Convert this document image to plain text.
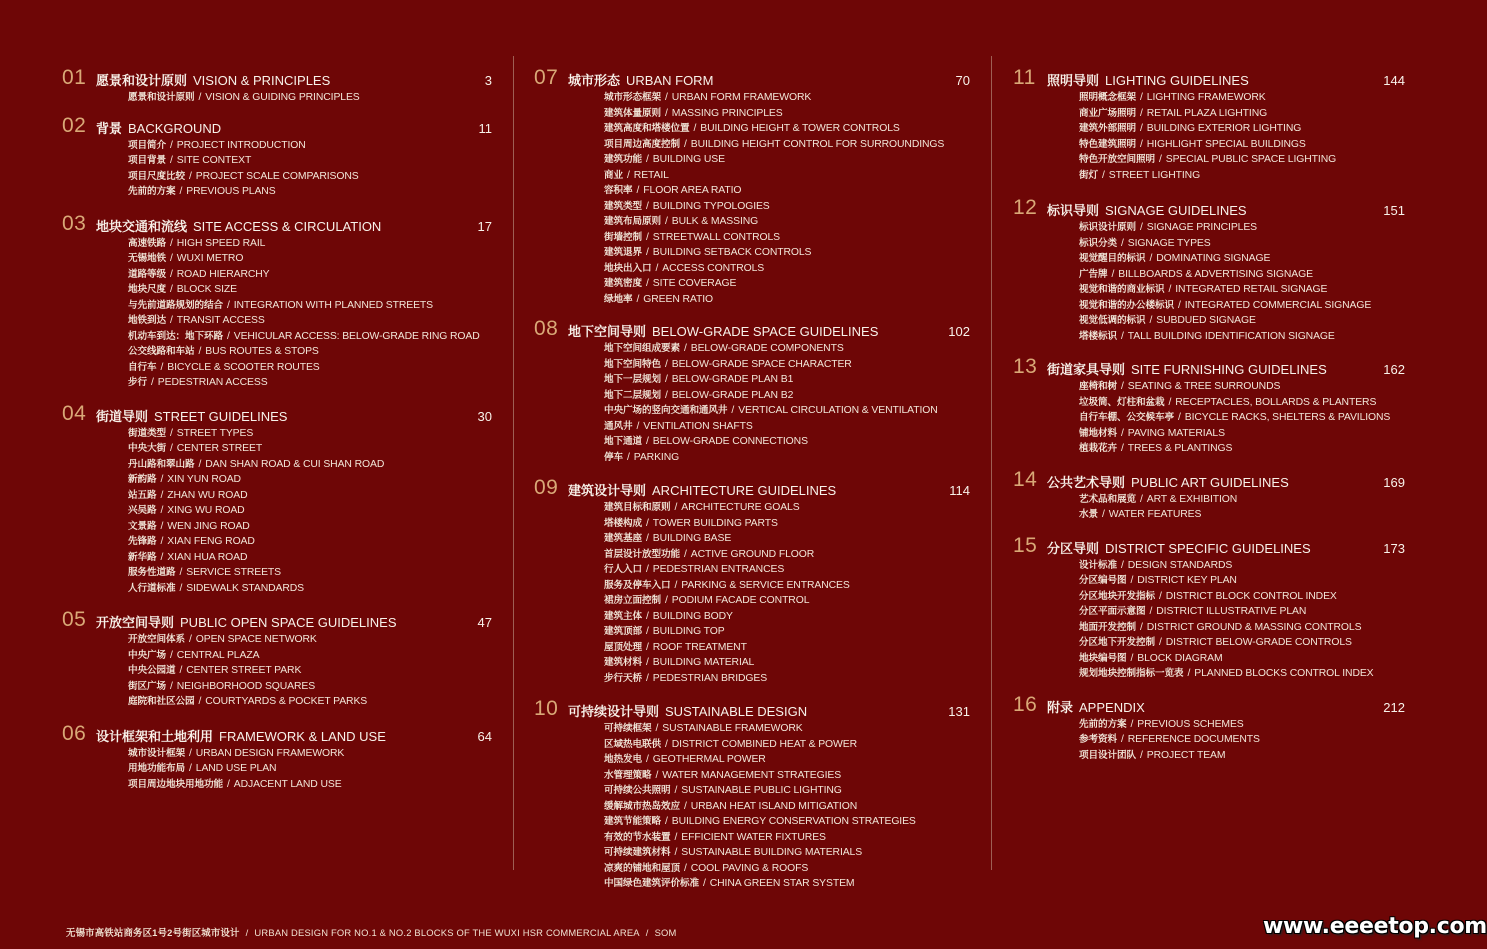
01 愿景和设计原则 VISION & PRINCIPLES	3
愿景和设计原则 / VISION & GUIDING PRINCIPLES
02 背景 BACKGROUND	11
项目简介 / PROJECT INTRODUCTION
项目背景 / SITE CONTEXT
项目尺度比较 / PROJECT SCALE COMPARISONS
先前的方案 / PREVIOUS PLANS
03 地块交通和流线 SITE ACCESS & CIRCULATION	17
高速铁路 / HIGH SPEED RAIL
无锡地铁 / WUXI METRO
道路等级 / ROAD HIERARCHY
地块尺度 / BLOCK SIZE
与先前道路规划的结合 / INTEGRATION WITH PLANNED STREETS
地铁到达 / TRANSIT ACCESS
机动车到达：地下环路 / VEHICULAR ACCESS: BELOW-GRADE RING ROAD
公交线路和车站 / BUS ROUTES & STOPS
自行车 / BICYCLE & SCOOTER ROUTES
步行 / PEDESTRIAN ACCESS
04 街道导则 STREET GUIDELINES	30
街道类型 / STREET TYPES
中央大街 / CENTER STREET
丹山路和翠山路 / DAN SHAN ROAD & CUI SHAN ROAD
新韵路 / XIN YUN ROAD
站五路 / ZHAN WU ROAD
兴吴路 / XING WU ROAD
文景路 / WEN JING ROAD
先锋路 / XIAN FENG ROAD
新华路 / XIAN HUA ROAD
服务性道路 / SERVICE STREETS
人行道标准 / SIDEWALK STANDARDS
05 开放空间导则 PUBLIC OPEN SPACE GUIDELINES	47
开放空间体系 / OPEN SPACE NETWORK
中央广场 / CENTRAL PLAZA
中央公园道 / CENTER STREET PARK
街区广场 / NEIGHBORHOOD SQUARES
庭院和社区公园 / COURTYARDS & POCKET PARKS
06 设计框架和土地利用 FRAMEWORK & LAND USE	64
城市设计框架 / URBAN DESIGN FRAMEWORK
用地功能布局 / LAND USE PLAN
项目周边地块用地功能 / ADJACENT LAND USE
07 城市形态 URBAN FORM	70
城市形态框架 / URBAN FORM FRAMEWORK
建筑体量原则 / MASSING PRINCIPLES
建筑高度和塔楼位置 / BUILDING HEIGHT & TOWER CONTROLS
项目周边高度控制 / BUILDING HEIGHT CONTROL FOR SURROUNDINGS
建筑功能 / BUILDING USE
商业 / RETAIL
容积率 / FLOOR AREA RATIO
建筑类型 / BUILDING TYPOLOGIES
建筑布局原则 / BULK & MASSING
街墙控制 / STREETWALL CONTROLS
建筑退界 / BUILDING SETBACK CONTROLS
地块出入口 / ACCESS CONTROLS
建筑密度 / SITE COVERAGE
绿地率 / GREEN RATIO
08 地下空间导则 BELOW-GRADE SPACE GUIDELINES	102
地下空间组成要素 / BELOW-GRADE COMPONENTS
地下空间特色 / BELOW-GRADE SPACE CHARACTER
地下一层规划 / BELOW-GRADE PLAN B1
地下二层规划 / BELOW-GRADE PLAN B2
中央广场的竖向交通和通风井 / VERTICAL CIRCULATION & VENTILATION
通风井 / VENTILATION SHAFTS
地下通道 / BELOW-GRADE CONNECTIONS
停车 / PARKING
09 建筑设计导则 ARCHITECTURE GUIDELINES	114
建筑目标和原则 / ARCHITECTURE GOALS
塔楼构成 / TOWER BUILDING PARTS
建筑基座 / BUILDING BASE
首层设计放型功能 / ACTIVE GROUND FLOOR
行人入口 / PEDESTRIAN ENTRANCES
服务及停车入口 / PARKING & SERVICE ENTRANCES
裙房立面控制 / PODIUM FACADE CONTROL
建筑主体 / BUILDING BODY
建筑顶部 / BUILDING TOP
屋顶处理 / ROOF TREATMENT
建筑材料 / BUILDING MATERIAL
步行天桥 / PEDESTRIAN BRIDGES
10 可持续设计导则 SUSTAINABLE DESIGN	131
可持续框架 / SUSTAINABLE FRAMEWORK
区域热电联供 / DISTRICT COMBINED HEAT & POWER
地热发电 / GEOTHERMAL POWER
水管理策略 / WATER MANAGEMENT STRATEGIES
可持续公共照明 / SUSTAINABLE PUBLIC LIGHTING
缓解城市热岛效应 / URBAN HEAT ISLAND MITIGATION
建筑节能策略 / BUILDING ENERGY CONSERVATION STRATEGIES
有效的节水装置 / EFFICIENT WATER FIXTURES
可持续建筑材料 / SUSTAINABLE BUILDING MATERIALS
凉爽的铺地和屋顶 / COOL PAVING & ROOFS
中国绿色建筑评价标准 / CHINA GREEN STAR SYSTEM
11 照明导则 LIGHTING GUIDELINES	144
照明概念框架 / LIGHTING FRAMEWORK
商业广场照明 / RETAIL PLAZA LIGHTING
建筑外部照明 / BUILDING EXTERIOR LIGHTING
特色建筑照明 / HIGHLIGHT SPECIAL BUILDINGS
特色开放空间照明 / SPECIAL PUBLIC SPACE LIGHTING
街灯 / STREET LIGHTING
12 标识导则 SIGNAGE GUIDELINES	151
标识设计原则 / SIGNAGE PRINCIPLES
标识分类 / SIGNAGE TYPES
视觉醒目的标识 / DOMINATING SIGNAGE
广告牌 / BILLBOARDS & ADVERTISING SIGNAGE
视觉和谐的商业标识 / INTEGRATED RETAIL SIGNAGE
视觉和谐的办公楼标识 / INTEGRATED COMMERCIAL SIGNAGE
视觉低调的标识 / SUBDUED SIGNAGE
塔楼标识 / TALL BUILDING IDENTIFICATION SIGNAGE
13 街道家具导则 SITE FURNISHING GUIDELINES	162
座椅和树 / SEATING & TREE SURROUNDS
垃圾筒、灯柱和盆栽 / RECEPTACLES, BOLLARDS & PLANTERS
自行车棚、公交候车亭 / BICYCLE RACKS, SHELTERS & PAVILIONS
铺地材料 / PAVING MATERIALS
植栽花卉 / TREES & PLANTINGS
14 公共艺术导则 PUBLIC ART GUIDELINES	169
艺术品和展览 / ART & EXHIBITION
水景 / WATER FEATURES
15 分区导则 DISTRICT SPECIFIC GUIDELINES	173
设计标准 / DESIGN STANDARDS
分区编号图 / DISTRICT KEY PLAN
分区地块开发指标 / DISTRICT BLOCK CONTROL INDEX
分区平面示意图 / DISTRICT ILLUSTRATIVE PLAN
地面开发控制 / DISTRICT GROUND & MASSING CONTROLS
分区地下开发控制 / DISTRICT BELOW-GRADE CONTROLS
地块编号图 / BLOCK DIAGRAM
规划地块控制指标一览表 / PLANNED BLOCKS CONTROL INDEX
16 附录 APPENDIX	212
先前的方案 / PREVIOUS SCHEMES
参考资料 / REFERENCE DOCUMENTS
项目设计团队 / PROJECT TEAM
无锡市高铁站商务区1号2号街区城市设计 / URBAN DESIGN FOR NO.1 & NO.2 BLOCKS OF THE WUXI HSR COMMERCIAL AREA / SOM	www.eeeetop.com
